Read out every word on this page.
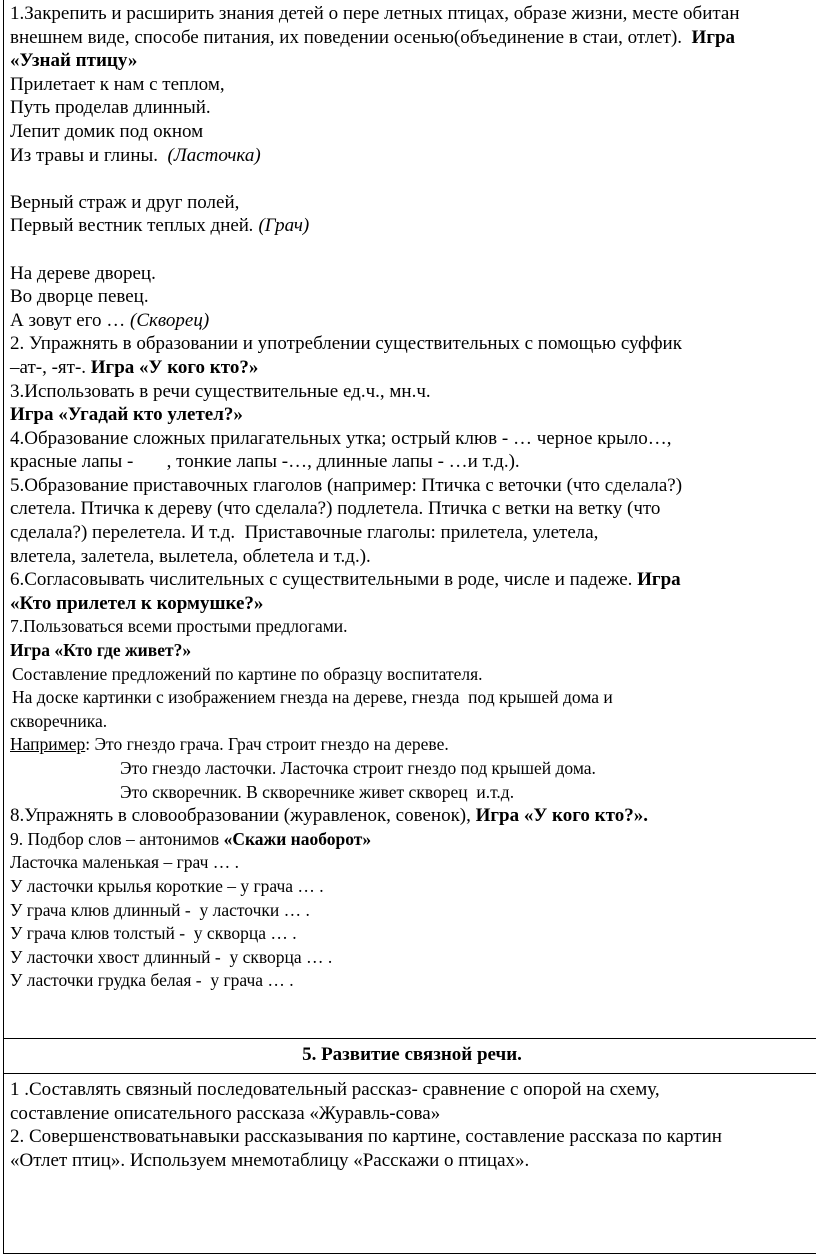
1.Закрепить и расширить знания детей о пере летных птицах, образе жизни, месте обитан
внешнем виде, способе питания, их поведении осенью(объединение в стаи, отлет). Игра
«Узнай птицу»
Прилетает к нам с теплом,
Путь проделав длинный.
Лепит домик под окном
Из травы и глины. (Ласточка)
Верный страж и друг полей,
Первый вестник теплых дней. (Грач)
На дереве дворец.
Во дворце певец.
А зовут его … (Скворец)
2. Упражнять в образовании и употреблении существительных с помощью суффик
–ат-, -ят-. Игра «У кого кто?»
3.Использовать в речи существительные ед.ч., мн.ч.
Игра «Угадай кто улетел?»
4.Образование сложных прилагательных утка; острый клюв - … черное крыло…,
красные лапы -       , тонкие лапы -…, длинные лапы - …и т.д.).
5.Образование приставочных глаголов (например: Птичка с веточки (что сделала?)
слетела. Птичка к дереву (что сделала?) подлетела. Птичка с ветки на ветку (что
сделала?) перелетела. И т.д.  Приставочные глаголы: прилетела, улетела,
влетела, залетела, вылетела, облетела и т.д.).
6.Согласовывать числительных с существительными в роде, числе и падеже. Игра
«Кто прилетел к кормушке?»
7.Пользоваться всеми простыми предлогами.
Игра «Кто где живет?»
Составление предложений по картине по образцу воспитателя.
На доске картинки с изображением гнезда на дереве, гнезда  под крышей дома и
скворечника.
Например: Это гнездо грача. Грач строит гнездо на дереве.
Это гнездо ласточки. Ласточка строит гнездо под крышей дома.
Это скворечник. В скворечнике живет скворец  и.т.д.
8.Упражнять в словообразовании (журавленок, совенок), Игра «У кого кто?».
9. Подбор слов – антонимов «Скажи наоборот»
Ласточка маленькая – грач … .
У ласточки крылья короткие – у грача … .
У грача клюв длинный -  у ласточки … .
У грача клюв толстый -  у скворца … .
У ласточки хвост длинный -  у скворца … .
У ласточки грудка белая -  у грача … .
5. Развитие связной речи.
1 .Составлять связный последовательный рассказ- сравнение с опорой на схему,
составление описательного рассказа «Журавль-сова»
2. Совершенствоватьнавыки рассказывания по картине, составление рассказа по картин
«Отлет птиц». Используем мнемотаблицу «Расскажи о птицах».
